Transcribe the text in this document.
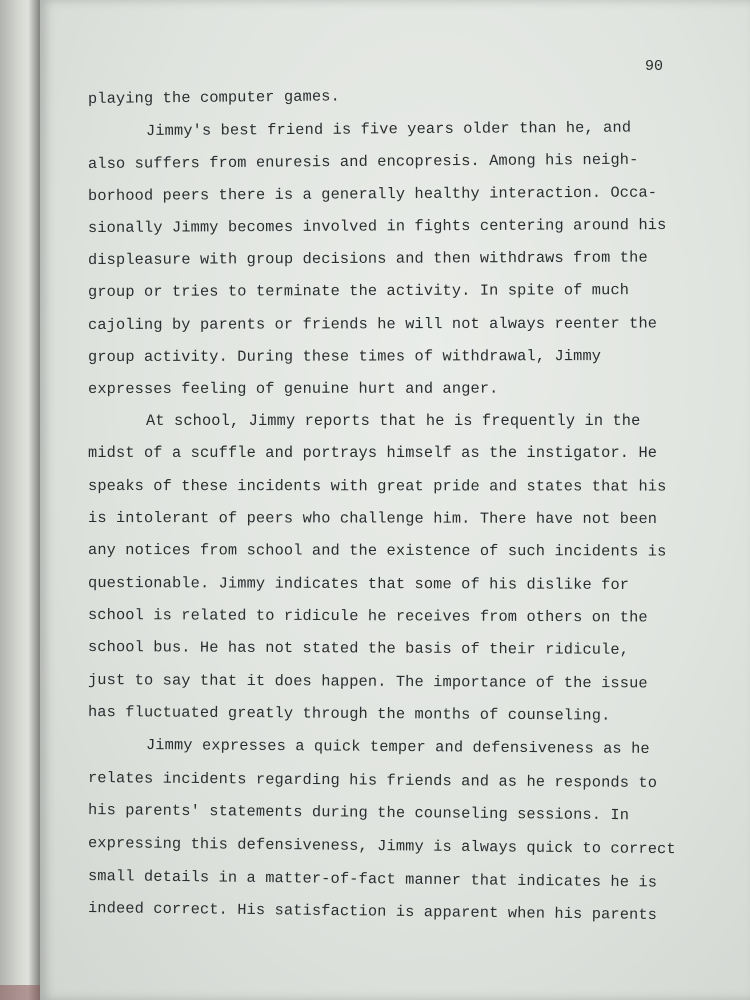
90
playing the computer games.
Jimmy's best friend is five years older than he, and
also suffers from enuresis and encopresis. Among his neigh-
borhood peers there is a generally healthy interaction. Occa-
sionally Jimmy becomes involved in fights centering around his
displeasure with group decisions and then withdraws from the
group or tries to terminate the activity. In spite of much
cajoling by parents or friends he will not always reenter the
group activity. During these times of withdrawal, Jimmy
expresses feeling of genuine hurt and anger.
At school, Jimmy reports that he is frequently in the
midst of a scuffle and portrays himself as the instigator. He
speaks of these incidents with great pride and states that his
is intolerant of peers who challenge him. There have not been
any notices from school and the existence of such incidents is
questionable. Jimmy indicates that some of his dislike for
school is related to ridicule he receives from others on the
school bus. He has not stated the basis of their ridicule,
just to say that it does happen. The importance of the issue
has fluctuated greatly through the months of counseling.
Jimmy expresses a quick temper and defensiveness as he
relates incidents regarding his friends and as he responds to
his parents' statements during the counseling sessions. In
expressing this defensiveness, Jimmy is always quick to correct
small details in a matter-of-fact manner that indicates he is
indeed correct. His satisfaction is apparent when his parents
